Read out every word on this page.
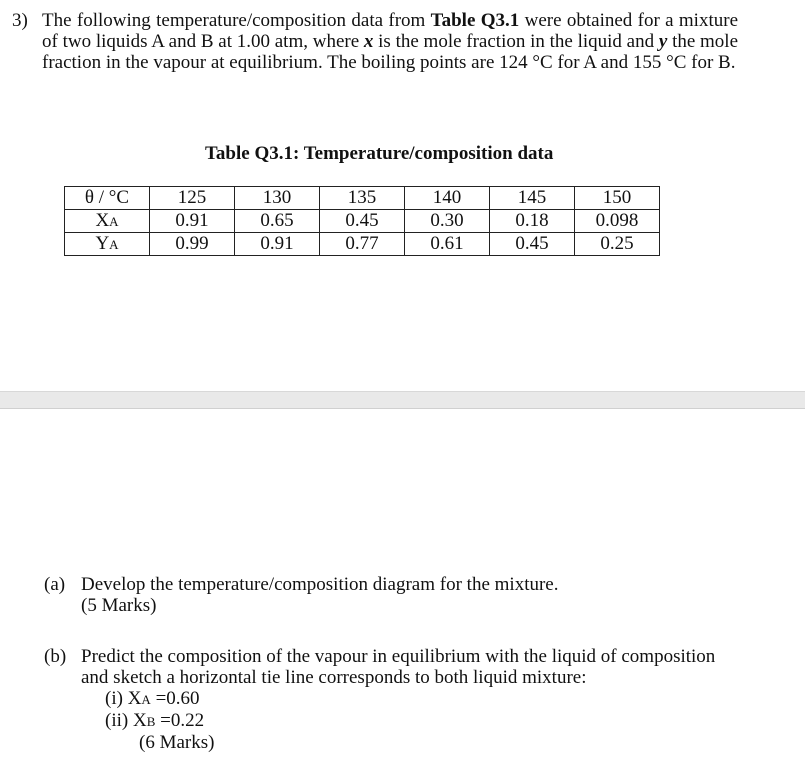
3) The following temperature/composition data from Table Q3.1 were obtained for a mixture of two liquids A and B at 1.00 atm, where x is the mole fraction in the liquid and y the mole fraction in the vapour at equilibrium. The boiling points are 124 °C for A and 155 °C for B.
Table Q3.1: Temperature/composition data
θ / °C	125	130	135	140	145	150
XA	0.91	0.65	0.45	0.30	0.18	0.098
YA	0.99	0.91	0.77	0.61	0.45	0.25
(a) Develop the temperature/composition diagram for the mixture.
(5 Marks)
(b) Predict the composition of the vapour in equilibrium with the liquid of composition and sketch a horizontal tie line corresponds to both liquid mixture:
(i) XA =0.60
(ii) XB =0.22
(6 Marks)
